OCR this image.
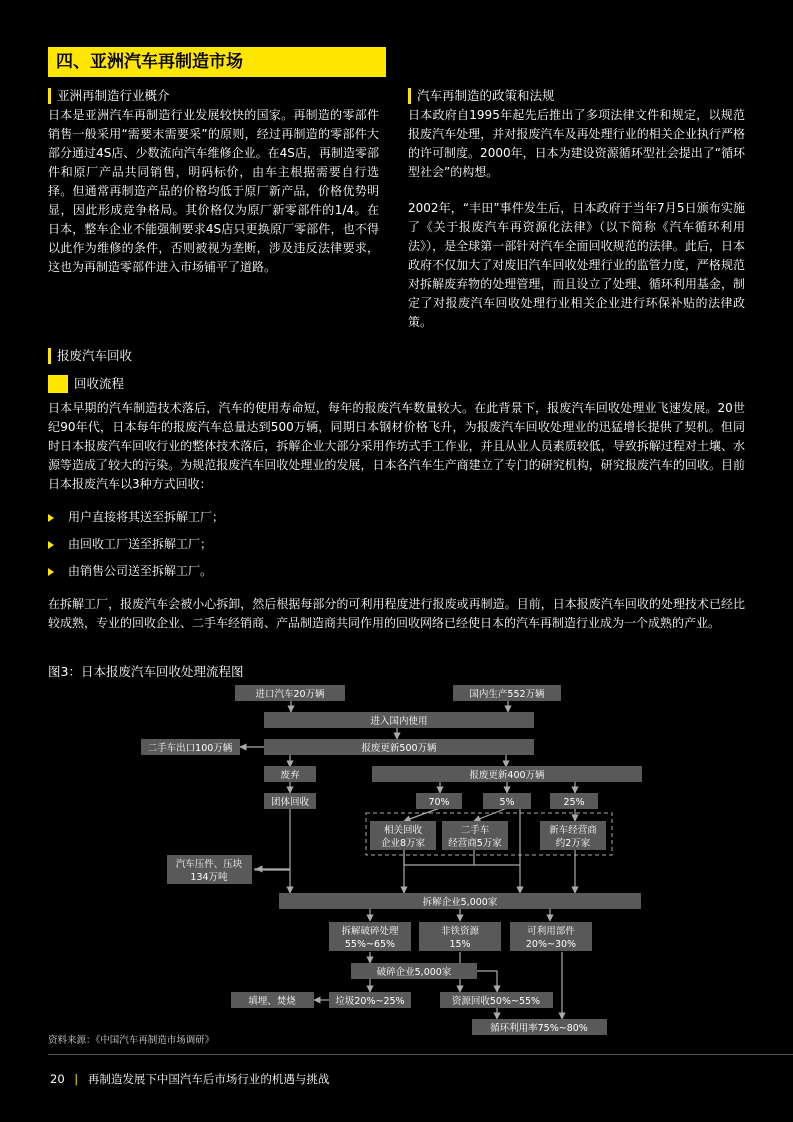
四、亚洲汽车再制造市场
亚洲再制造行业概介
日本是亚洲汽车再制造行业发展较快的国家。再制造的零部件销售一般采用“需要末需要采”的原则，经过再制造的零部件大部分通过4S店、少数流向汽车维修企业。在4S店，再制造零部件和原厂产品共同销售，明码标价，由车主根据需要自行选择。但通常再制造产品的价格均低于原厂新产品，价格优势明显，因此形成竞争格局。其价格仅为原厂新零部件的1/4。在日本，整车企业不能强制要求4S店只更换原厂零部件，也不得以此作为维修的条件，否则被视为垄断，涉及违反法律要求，这也为再制造零部件进入市场铺平了道路。
汽车再制造的政策和法规
日本政府自1995年起先后推出了多项法律文件和规定，以规范报废汽车处理，并对报废汽车及再处理行业的相关企业执行严格的许可制度。2000年，日本为建设资源循环型社会提出了“循环型社会”的构想。
2002年，“丰田”事件发生后，日本政府于当年7月5日颁布实施了《关于报废汽车再资源化法律》（以下简称《汽车循环利用法》），是全球第一部针对汽车全面回收规范的法律。此后，日本政府不仅加大了对废旧汽车回收处理行业的监管力度，严格规范对拆解废弃物的处理管理，而且设立了处理、循环利用基金，制定了对报废汽车回收处理行业相关企业进行环保补贴的法律政策。
报废汽车回收
回收流程
日本早期的汽车制造技术落后，汽车的使用寿命短，每年的报废汽车数量较大。在此背景下，报废汽车回收处理业飞速发展。20世纪90年代，日本每年的报废汽车总量达到500万辆，同期日本钢材价格飞升，为报废汽车回收处理业的迅猛增长提供了契机。但同时日本报废汽车回收行业的整体技术落后，拆解企业大部分采用作坊式手工作业，并且从业人员素质较低，导致拆解过程对土壤、水源等造成了较大的污染。为规范报废汽车回收处理业的发展，日本各汽车生产商建立了专门的研究机构，研究报废汽车的回收。目前日本报废汽车以3种方式回收：
用户直接将其送至拆解工厂；
由回收工厂送至拆解工厂；
由销售公司送至拆解工厂。
在拆解工厂，报废汽车会被小心拆卸，然后根据每部分的可利用程度进行报废或再制造。目前，日本报废汽车回收的处理技术已经比较成熟，专业的回收企业、二手车经销商、产品制造商共同作用的回收网络已经使日本的汽车再制造行业成为一个成熟的产业。
图3：日本报废汽车回收处理流程图
进口汽车20万辆	国内生产552万辆
进入国内使用
二手车出口100万辆	报废更新500万辆
废弃	报废更新400万辆
团体回收	70%	5%	25%
相关回收
企业8万家
二手车
经营商5万家
新车经营商
约2万家
汽车压件、压块
134万吨
拆解企业5,000家
拆解破碎处理
55%~65%
非铁资源
15%
可利用部件
20%~30%
破碎企业5,000家
填埋、焚烧	垃圾20%~25%	资源回收50%~55%
循环利用率75%~80%
资料来源：《中国汽车再制造市场调研》
20 | 再制造发展下中国汽车后市场行业的机遇与挑战
